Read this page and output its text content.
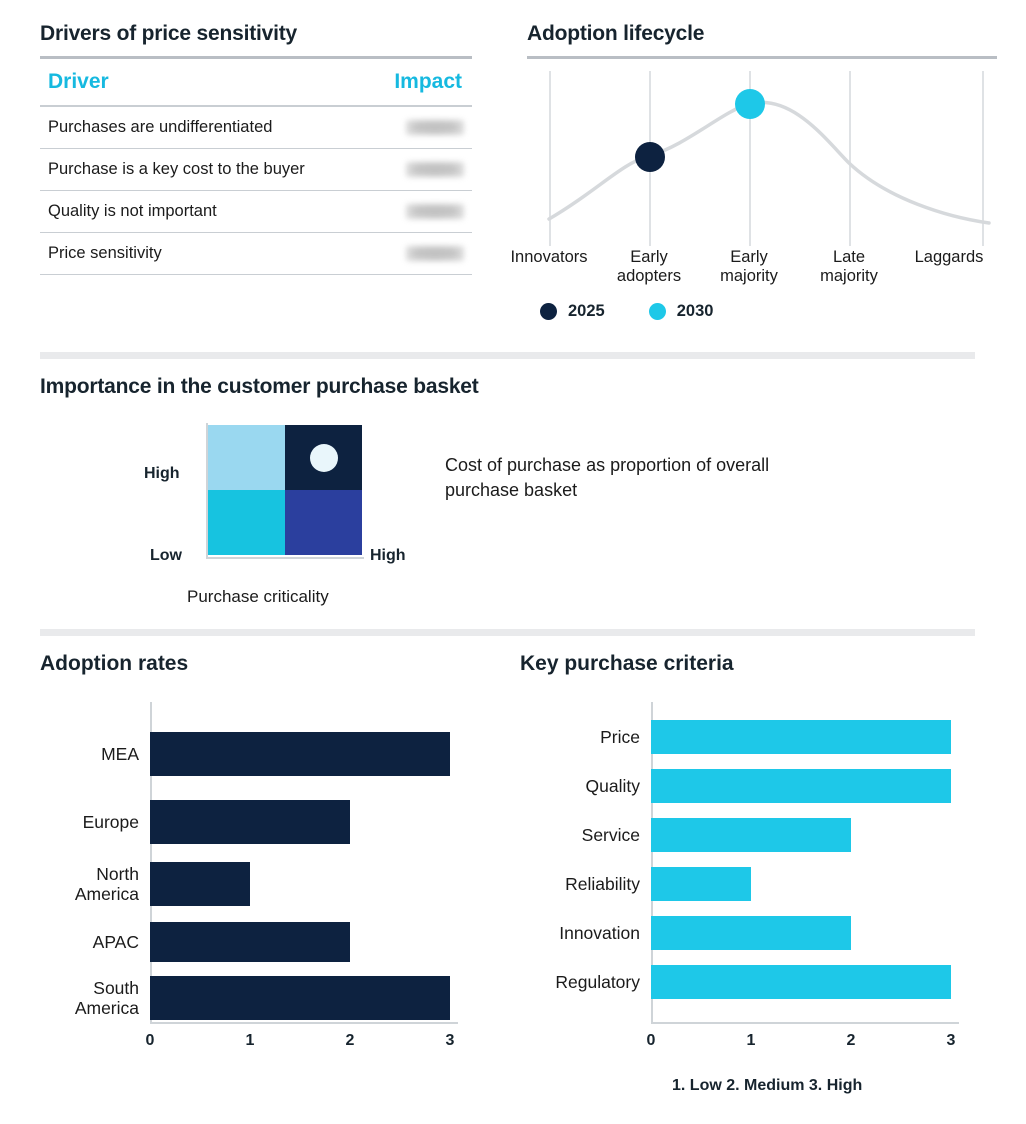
Drivers of price sensitivity
Driver	Impact
Purchases are undifferentiated	
Purchase is a key cost to the buyer	
Quality is not important	
Price sensitivity	
Adoption lifecycle
Innovators	Early
adopters
Early
majority
Late
majority
Laggards
2025	2030
Importance in the customer purchase basket
High
Low	High
Purchase criticality
Cost of purchase as proportion of overall purchase basket
Adoption rates
MEA
Europe
North
America
APAC
South
America
0	1	2	3
Key purchase criteria
Price
Quality
Service
Reliability
Innovation
Regulatory
0	1	2	3
1. Low 2. Medium 3. High
